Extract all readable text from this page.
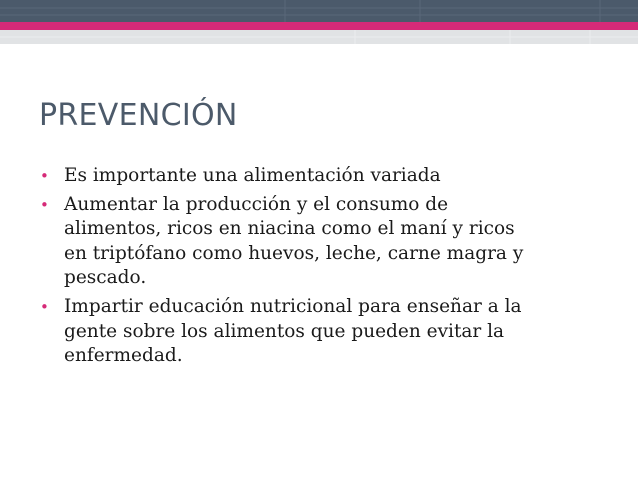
PREVENCIÓN
• Es importante una alimentación variada
• Aumentar la producción y el consumo de
alimentos, ricos en niacina como el maní y ricos
en triptófano como huevos, leche, carne magra y
pescado.
• Impartir educación nutricional para enseñar a la
gente sobre los alimentos que pueden evitar la
enfermedad.
